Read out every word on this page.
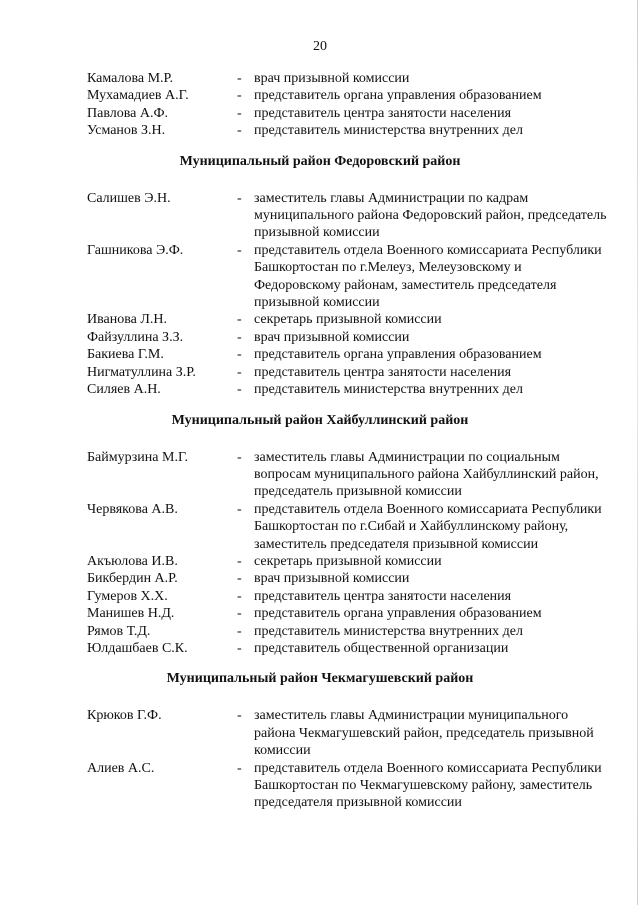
20
Камалова М.Р.	- врач призывной комиссии
Мухамадиев А.Г.	- представитель органа управления образованием
Павлова А.Ф.	- представитель центра занятости населения
Усманов З.Н.	- представитель министерства внутренних дел
Муниципальный район Федоровский район
Салишев Э.Н.	- заместитель главы Администрации по кадрам муниципального района Федоровский район, председатель призывной комиссии
Гашникова Э.Ф.	- представитель отдела Военного комиссариата Республики Башкортостан по г.Мелеуз, Мелеузовскому и Федоровскому районам, заместитель председателя призывной комиссии
Иванова Л.Н.	- секретарь призывной комиссии
Файзуллина З.З.	- врач призывной комиссии
Бакиева Г.М.	- представитель органа управления образованием
Нигматуллина З.Р.	- представитель центра занятости населения
Силяев А.Н.	- представитель министерства внутренних дел
Муниципальный район Хайбуллинский район
Баймурзина М.Г.	- заместитель главы Администрации по социальным вопросам муниципального района Хайбуллинский район, председатель призывной комиссии
Червякова А.В.	- представитель отдела Военного комиссариата Республики Башкортостан по г.Сибай и Хайбуллинскому району, заместитель председателя призывной комиссии
Акъюлова И.В.	- секретарь призывной комиссии
Бикбердин А.Р.	- врач призывной комиссии
Гумеров Х.Х.	- представитель центра занятости населения
Манишев Н.Д.	- представитель органа управления образованием
Рямов Т.Д.	- представитель министерства внутренних дел
Юлдашбаев С.К.	- представитель общественной организации
Муниципальный район Чекмагушевский район
Крюков Г.Ф.	- заместитель главы Администрации муниципального района Чекмагушевский район, председатель призывной комиссии
Алиев А.С.	- представитель отдела Военного комиссариата Республики Башкортостан по Чекмагушевскому району, заместитель председателя призывной комиссии
